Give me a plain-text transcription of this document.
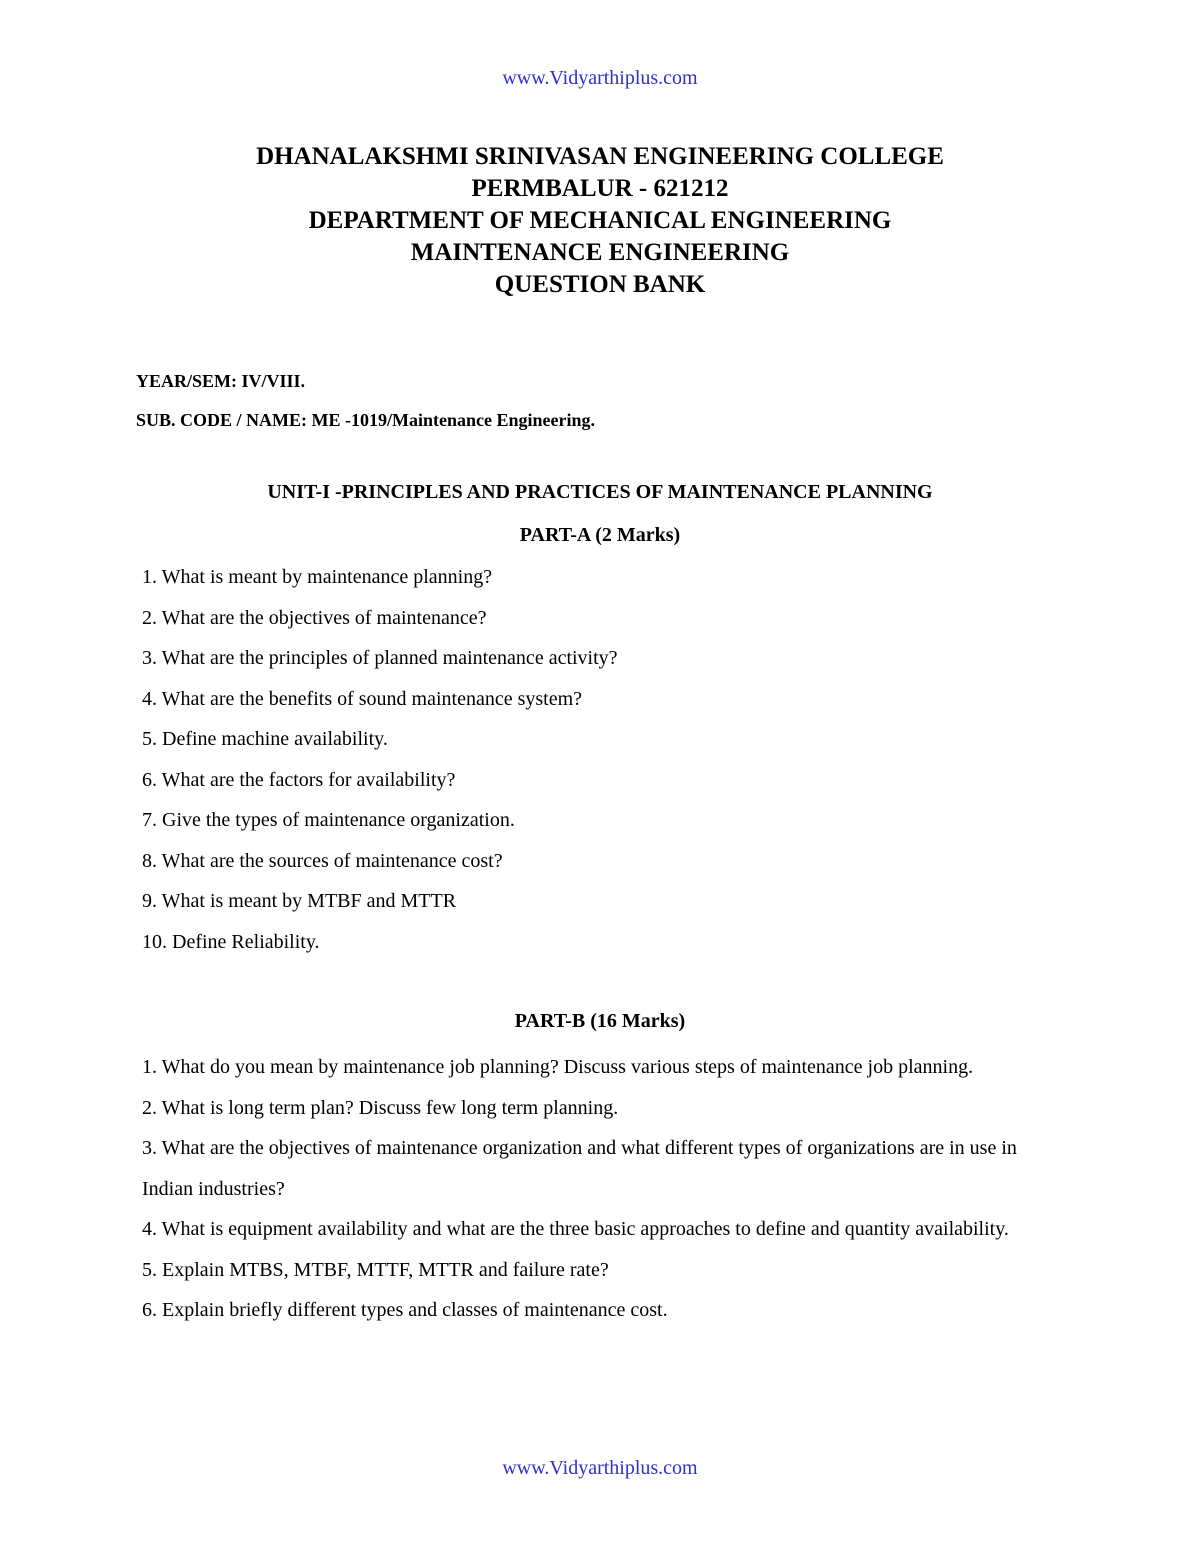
www.Vidyarthiplus.com
DHANALAKSHMI SRINIVASAN ENGINEERING COLLEGE
PERMBALUR - 621212
DEPARTMENT OF MECHANICAL ENGINEERING
MAINTENANCE ENGINEERING
QUESTION BANK
YEAR/SEM: IV/VIII.
SUB. CODE / NAME: ME -1019/Maintenance Engineering.
UNIT-I -PRINCIPLES AND PRACTICES OF MAINTENANCE PLANNING
PART-A (2 Marks)
1. What is meant by maintenance planning?
2. What are the objectives of maintenance?
3. What are the principles of planned maintenance activity?
4. What are the benefits of sound maintenance system?
5. Define machine availability.
6. What are the factors for availability?
7. Give the types of maintenance organization.
8. What are the sources of maintenance cost?
9. What is meant by MTBF and MTTR
10. Define Reliability.
PART-B (16 Marks)
1. What do you mean by maintenance job planning? Discuss various steps of maintenance job planning.
2. What is long term plan? Discuss few long term planning.
3. What are the objectives of maintenance organization and what different types of organizations are in use in Indian industries?
4. What is equipment availability and what are the three basic approaches to define and quantity availability.
5. Explain MTBS, MTBF, MTTF, MTTR and failure rate?
6. Explain briefly different types and classes of maintenance cost.
www.Vidyarthiplus.com
